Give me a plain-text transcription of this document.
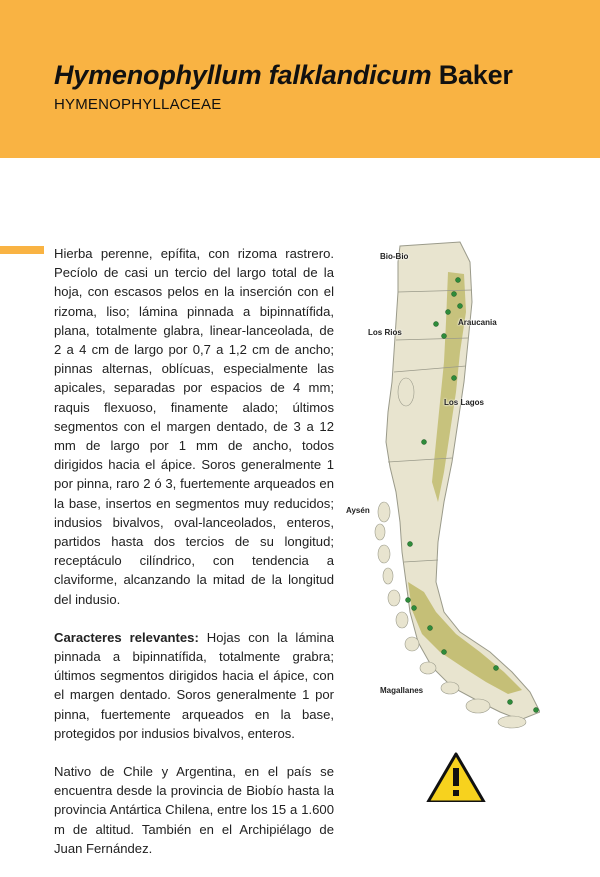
Hymenophyllum falklandicum Baker
HYMENOPHYLLACEAE

Hierba perenne, epífita, con rizoma rastrero. Pecíolo de casi un tercio del largo total de la hoja, con escasos pelos en la inserción con el rizoma, liso; lámina pinnada a bipinnatífida, plana, totalmente glabra, linear-lanceolada, de 2 a 4 cm de largo por 0,7 a 1,2 cm de ancho; pinnas alternas, oblícuas, especialmente las apicales, separadas por espacios de 4 mm; raquis flexuoso, finamente alado; últimos segmentos con el margen dentado, de 3 a 12 mm de largo por 1 mm de ancho, todos dirigidos hacia el ápice. Soros generalmente 1 por pinna, raro 2 ó 3, fuertemente arqueados en la base, insertos en segmentos muy reducidos; indusios bivalvos, oval-lanceolados, enteros, partidos hasta dos tercios de su longitud; receptáculo cilíndrico, con tendencia a claviforme, alcanzando la mitad de la longitud del indusio.

Caracteres relevantes: Hojas con la lámina pinnada a bipinnatífida, totalmente grabra; últimos segmentos dirigidos hacia el ápice, con el margen dentado. Soros generalmente 1 por pinna, fuertemente arqueados en la base, protegidos por indusios bivalvos, enteros.

Nativo de Chile y Argentina, en el país se encuentra desde la provincia de Biobío hasta la provincia Antártica Chilena, entre los 15 a 1.600 m de altitud. También en el Archipiélago de Juan Fernández.

Bio-Bio
Araucania
Los Rios
Los Lagos
Aysén
Magallanes
